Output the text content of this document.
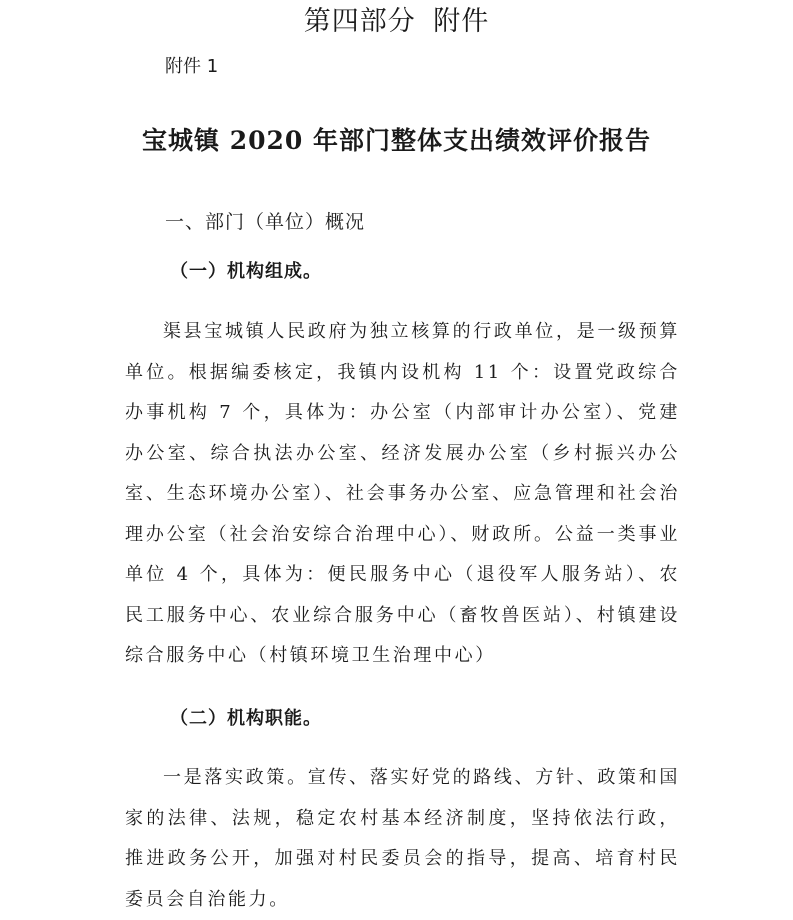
第四部分 附件
附件 1
宝城镇 2020 年部门整体支出绩效评价报告
一、部门（单位）概况
（一）机构组成。
渠县宝城镇人民政府为独立核算的行政单位，是一级预算单位。根据编委核定，我镇内设机构 11 个：设置党政综合办事机构 7 个，具体为：办公室（内部审计办公室）、党建办公室、综合执法办公室、经济发展办公室（乡村振兴办公室、生态环境办公室）、社会事务办公室、应急管理和社会治理办公室（社会治安综合治理中心）、财政所。公益一类事业单位 4 个，具体为：便民服务中心（退役军人服务站）、农民工服务中心、农业综合服务中心（畜牧兽医站）、村镇建设综合服务中心（村镇环境卫生治理中心）
（二）机构职能。
一是落实政策。宣传、落实好党的路线、方针、政策和国家的法律、法规，稳定农村基本经济制度，坚持依法行政，推进政务公开，加强对村民委员会的指导，提高、培育村民委员会自治能力。
